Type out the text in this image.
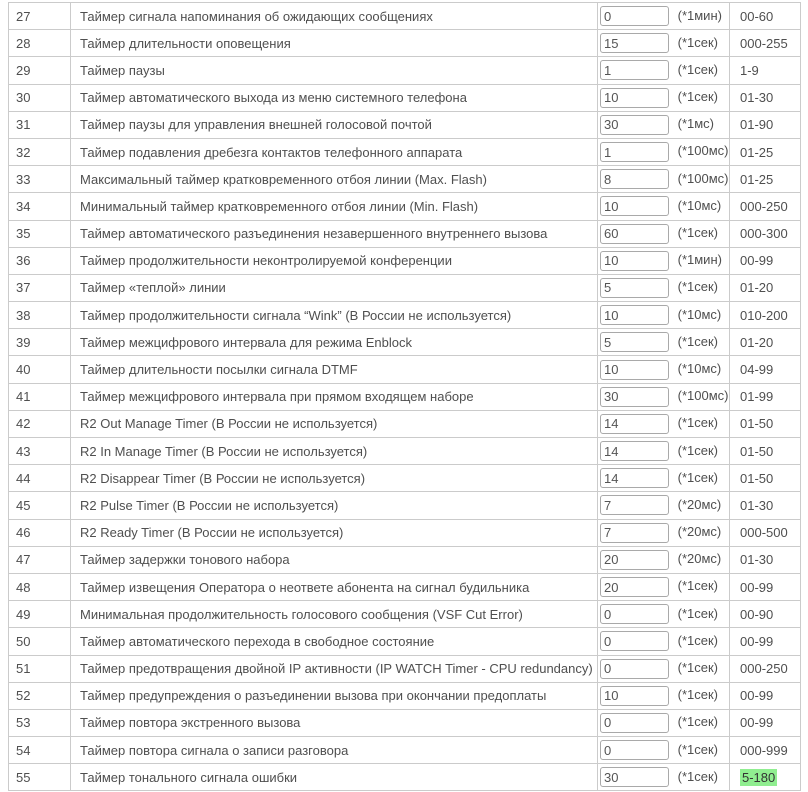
27	Таймер сигнала напоминания об ожидающих сообщениях	0(*1мин)	00-60
28	Таймер длительности оповещения	15(*1сек)	000-255
29	Таймер паузы	1(*1сек)	1-9
30	Таймер автоматического выхода из меню системного телефона	10(*1сек)	01-30
31	Таймер паузы для управления внешней голосовой почтой	30(*1мс)	01-90
32	Таймер подавления дребезга контактов телефонного аппарата	1(*100мс)	01-25
33	Максимальный таймер кратковременного отбоя линии (Max. Flash)	8(*100мс)	01-25
34	Минимальный таймер кратковременного отбоя линии (Min. Flash)	10(*10мс)	000-250
35	Таймер автоматического разъединения незавершенного внутреннего вызова	60(*1сек)	000-300
36	Таймер продолжительности неконтролируемой конференции	10(*1мин)	00-99
37	Таймер «теплой» линии	5(*1сек)	01-20
38	Таймер продолжительности сигнала “Wink” (В России не используется)	10(*10мс)	010-200
39	Таймер межцифрового интервала для режима Enblock	5(*1сек)	01-20
40	Таймер длительности посылки сигнала DTMF	10(*10мс)	04-99
41	Таймер межцифрового интервала при прямом входящем наборе	30(*100мс)	01-99
42	R2 Out Manage Timer (В России не используется)	14(*1сек)	01-50
43	R2 In Manage Timer (В России не используется)	14(*1сек)	01-50
44	R2 Disappear Timer (В России не используется)	14(*1сек)	01-50
45	R2 Pulse Timer (В России не используется)	7(*20мс)	01-30
46	R2 Ready Timer (В России не используется)	7(*20мс)	000-500
47	Таймер задержки тонового набора	20(*20мс)	01-30
48	Таймер извещения Оператора о неответе абонента на сигнал будильника	20(*1сек)	00-99
49	Минимальная продолжительность голосового сообщения (VSF Cut Error)	0(*1сек)	00-90
50	Таймер автоматического перехода в свободное состояние	0(*1сек)	00-99
51	Таймер предотвращения двойной IP активности (IP WATCH Timer - CPU redundancy)	0(*1сек)	000-250
52	Таймер предупреждения о разъединении вызова при окончании предоплаты	10(*1сек)	00-99
53	Таймер повтора экстренного вызова	0(*1сек)	00-99
54	Таймер повтора сигнала о записи разговора	0(*1сек)	000-999
55	Таймер тонального сигнала ошибки	30(*1сек)	5-180
